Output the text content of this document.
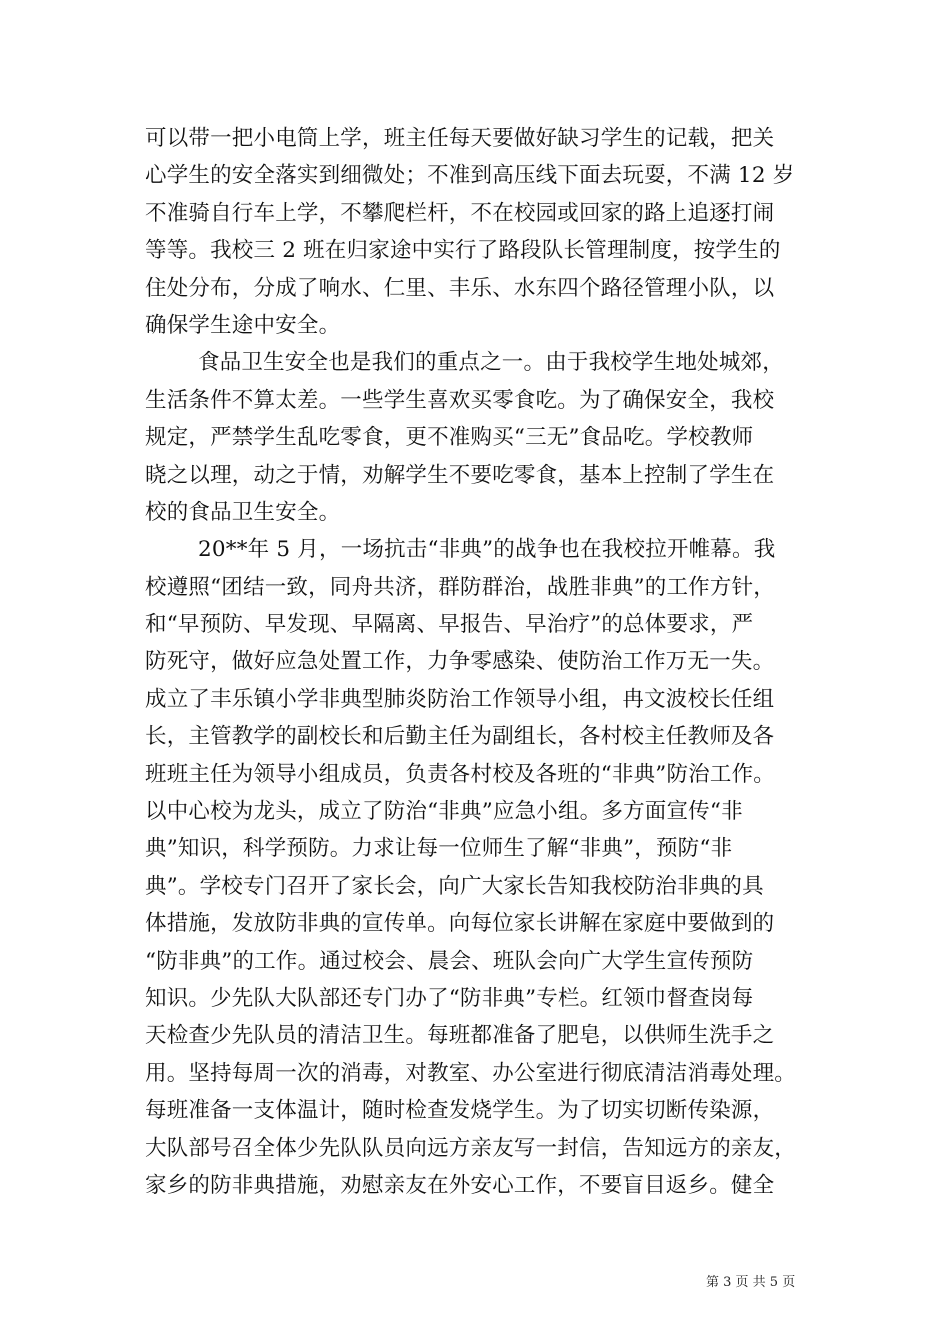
可以带一把小电筒上学，班主任每天要做好缺习学生的记载，把关
心学生的安全落实到细微处；不准到高压线下面去玩耍，不满 12 岁
不准骑自行车上学，不攀爬栏杆，不在校园或回家的路上追逐打闹
等等。我校三 2 班在归家途中实行了路段队长管理制度，按学生的
住处分布，分成了响水、仁里、丰乐、水东四个路径管理小队，以
确保学生途中安全。
食品卫生安全也是我们的重点之一。由于我校学生地处城郊，
生活条件不算太差。一些学生喜欢买零食吃。为了确保安全，我校
规定，严禁学生乱吃零食，更不准购买“三无”食品吃。学校教师
晓之以理，动之于情，劝解学生不要吃零食，基本上控制了学生在
校的食品卫生安全。
20**年 5 月，一场抗击“非典”的战争也在我校拉开帷幕。我
校遵照“团结一致，同舟共济，群防群治，战胜非典”的工作方针，
和“早预防、早发现、早隔离、早报告、早治疗”的总体要求，严
防死守，做好应急处置工作，力争零感染、使防治工作万无一失。
成立了丰乐镇小学非典型肺炎防治工作领导小组，冉文波校长任组
长，主管教学的副校长和后勤主任为副组长，各村校主任教师及各
班班主任为领导小组成员，负责各村校及各班的“非典”防治工作。
以中心校为龙头，成立了防治“非典”应急小组。多方面宣传“非
典”知识，科学预防。力求让每一位师生了解“非典”，预防“非
典”。学校专门召开了家长会，向广大家长告知我校防治非典的具
体措施，发放防非典的宣传单。向每位家长讲解在家庭中要做到的
“防非典”的工作。通过校会、晨会、班队会向广大学生宣传预防
知识。少先队大队部还专门办了“防非典”专栏。红领巾督查岗每
天检查少先队员的清洁卫生。每班都准备了肥皂，以供师生洗手之
用。坚持每周一次的消毒，对教室、办公室进行彻底清洁消毒处理。
每班准备一支体温计，随时检查发烧学生。为了切实切断传染源，
大队部号召全体少先队队员向远方亲友写一封信，告知远方的亲友，
家乡的防非典措施，劝慰亲友在外安心工作，不要盲目返乡。健全
第 3 页 共 5 页
